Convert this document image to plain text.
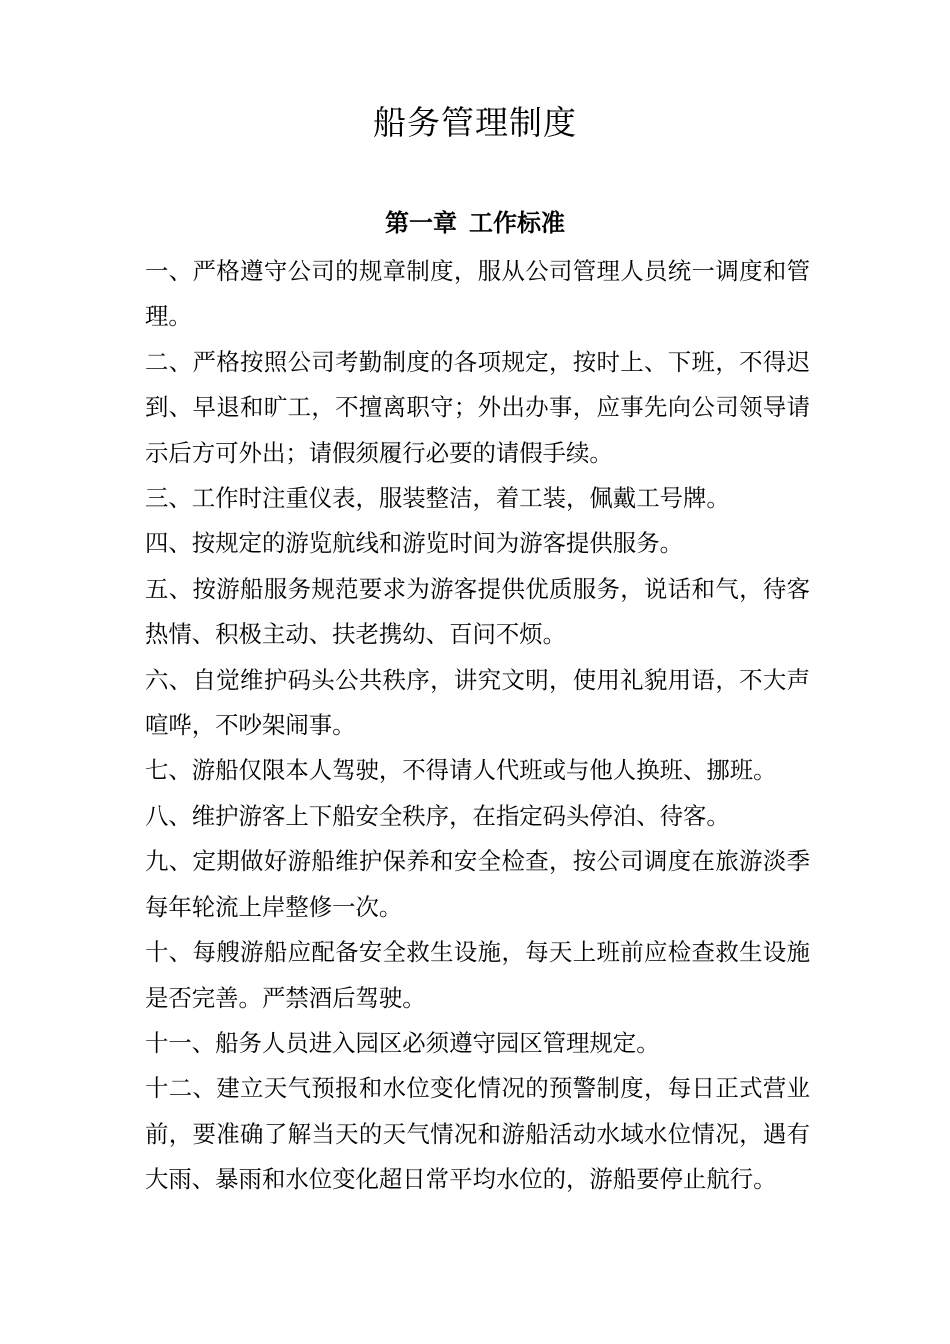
船务管理制度
第一章 工作标准

一、严格遵守公司的规章制度，服从公司管理人员统一调度和管理。

二、严格按照公司考勤制度的各项规定，按时上、下班，不得迟到、早退和旷工，不擅离职守；外出办事，应事先向公司领导请示后方可外出；请假须履行必要的请假手续。

三、工作时注重仪表，服装整洁，着工装，佩戴工号牌。

四、按规定的游览航线和游览时间为游客提供服务。

五、按游船服务规范要求为游客提供优质服务，说话和气，待客热情、积极主动、扶老携幼、百问不烦。

六、自觉维护码头公共秩序，讲究文明，使用礼貌用语，不大声喧哗，不吵架闹事。

七、游船仅限本人驾驶，不得请人代班或与他人换班、挪班。

八、维护游客上下船安全秩序，在指定码头停泊、待客。

九、定期做好游船维护保养和安全检查，按公司调度在旅游淡季每年轮流上岸整修一次。

十、每艘游船应配备安全救生设施，每天上班前应检查救生设施是否完善。严禁酒后驾驶。

十一、船务人员进入园区必须遵守园区管理规定。

十二、建立天气预报和水位变化情况的预警制度，每日正式营业前，要准确了解当天的天气情况和游船活动水域水位情况，遇有大雨、暴雨和水位变化超日常平均水位的，游船要停止航行。
